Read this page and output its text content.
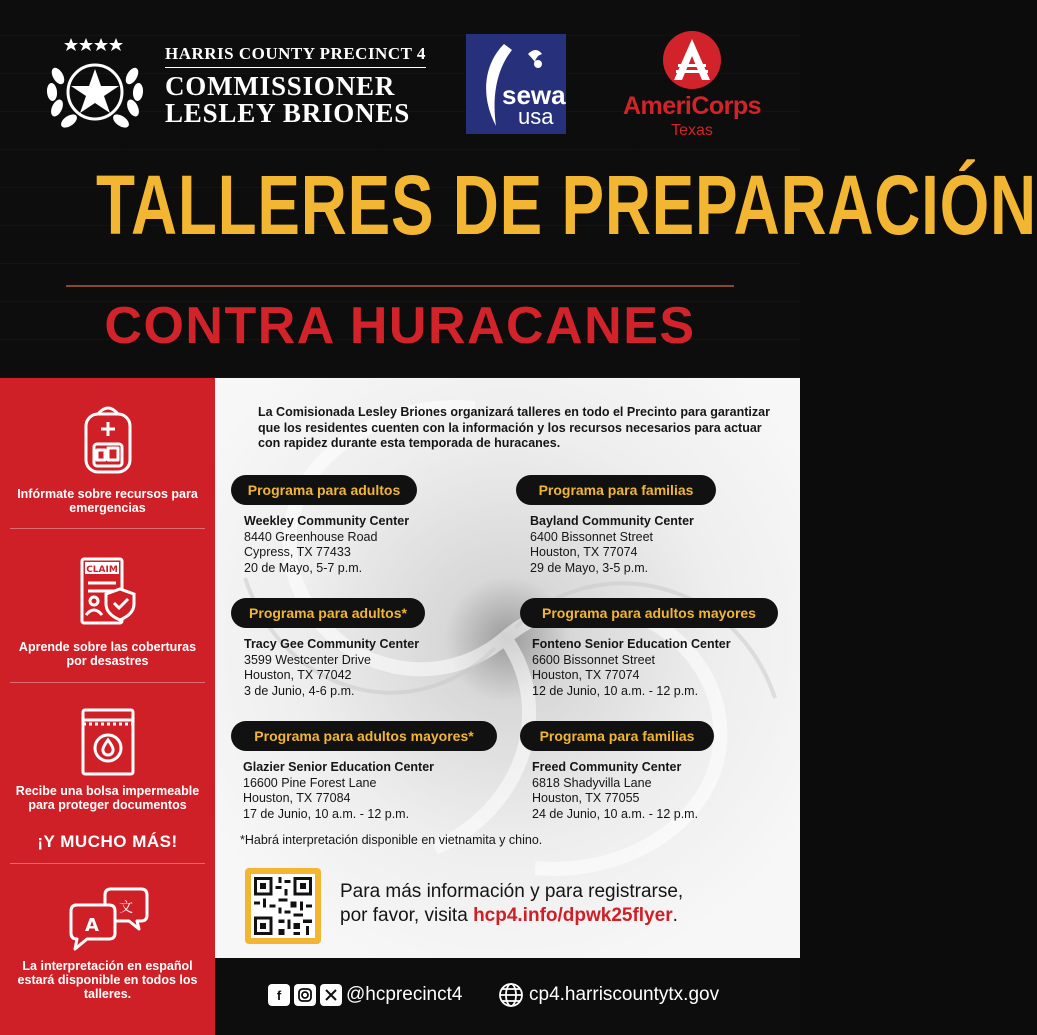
HARRIS COUNTY PRECINCT 4
COMMISSIONER
LESLEY BRIONES
sewa
usa	AmeriCorps
Texas
TALLERES DE PREPARACIÓN
CONTRA HURACANES
Infórmate sobre recursos para emergencias
CLAIM
Aprende sobre las coberturas por desastres
Recibe una bolsa impermeable para proteger documentos
¡Y MUCHO MÁS!
A
文
La interpretación en español estará disponible en todos los talleres.
La Comisionada Lesley Briones organizará talleres en todo el Precinto para garantizar que los residentes cuenten con la información y los recursos necesarios para actuar con rapidez durante esta temporada de huracanes.
Programa para adultos
Weekley Community Center
8440 Greenhouse Road
Cypress, TX 77433
20 de Mayo, 5-7 p.m.
Programa para familias
Bayland Community Center
6400 Bissonnet Street
Houston, TX 77074
29 de Mayo, 3-5 p.m.
Programa para adultos*
Tracy Gee Community Center
3599 Westcenter Drive
Houston, TX 77042
3 de Junio, 4-6 p.m.
Programa para adultos mayores
Fonteno Senior Education Center
6600 Bissonnet Street
Houston, TX 77074
12 de Junio, 10 a.m. - 12 p.m.
Programa para adultos mayores*
Glazier Senior Education Center
16600 Pine Forest Lane
Houston, TX 77084
17 de Junio, 10 a.m. - 12 p.m.
Programa para familias
Freed Community Center
6818 Shadyvilla Lane
Houston, TX 77055
24 de Junio, 10 a.m. - 12 p.m.
*Habrá interpretación disponible en vietnamita y chino.
Para más información y para registrarse,
por favor, visita hcp4.info/dpwk25flyer.
f	@hcprecinct4	cp4.harriscountytx.gov
